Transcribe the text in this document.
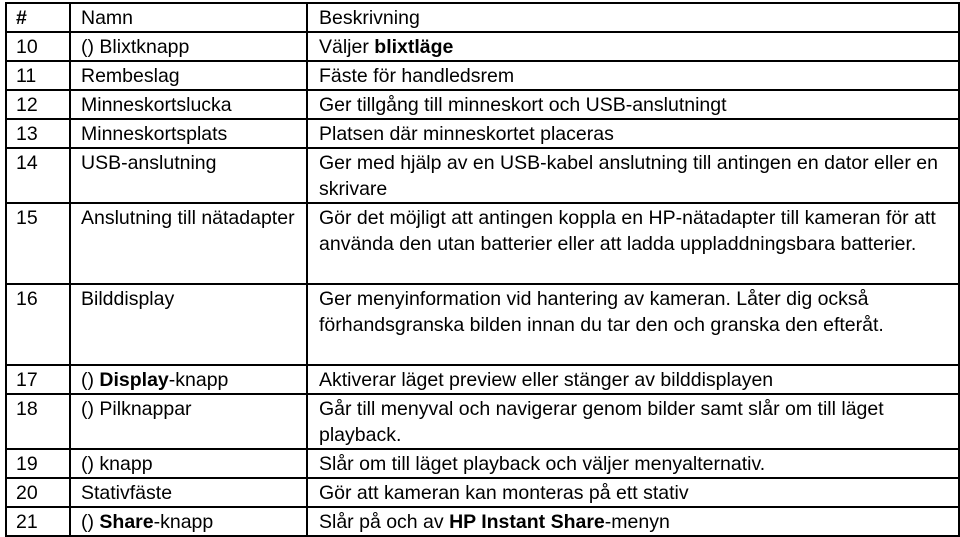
#	Namn	Beskrivning
10	() Blixtknapp	Väljer blixtläge
11	Rembeslag	Fäste för handledsrem
12	Minneskortslucka	Ger tillgång till minneskort och USB-anslutningt
13	Minneskortsplats	Platsen där minneskortet placeras
14	USB-anslutning	Ger med hjälp av en USB-kabel anslutning till antingen en dator eller en skrivare
15	Anslutning till nätadapter	Gör det möjligt att antingen koppla en HP-nätadapter till kameran för att använda den utan batterier eller att ladda uppladdningsbara batterier.
16	Bilddisplay	Ger menyinformation vid hantering av kameran. Låter dig också förhandsgranska bilden innan du tar den och granska den efteråt.
17	() Display-knapp	Aktiverar läget preview eller stänger av bilddisplayen
18	() Pilknappar	Går till menyval och navigerar genom bilder samt slår om till läget playback.
19	() knapp	Slår om till läget playback och väljer menyalternativ.
20	Stativfäste	Gör att kameran kan monteras på ett stativ
21	() Share-knapp	Slår på och av HP Instant Share-menyn
